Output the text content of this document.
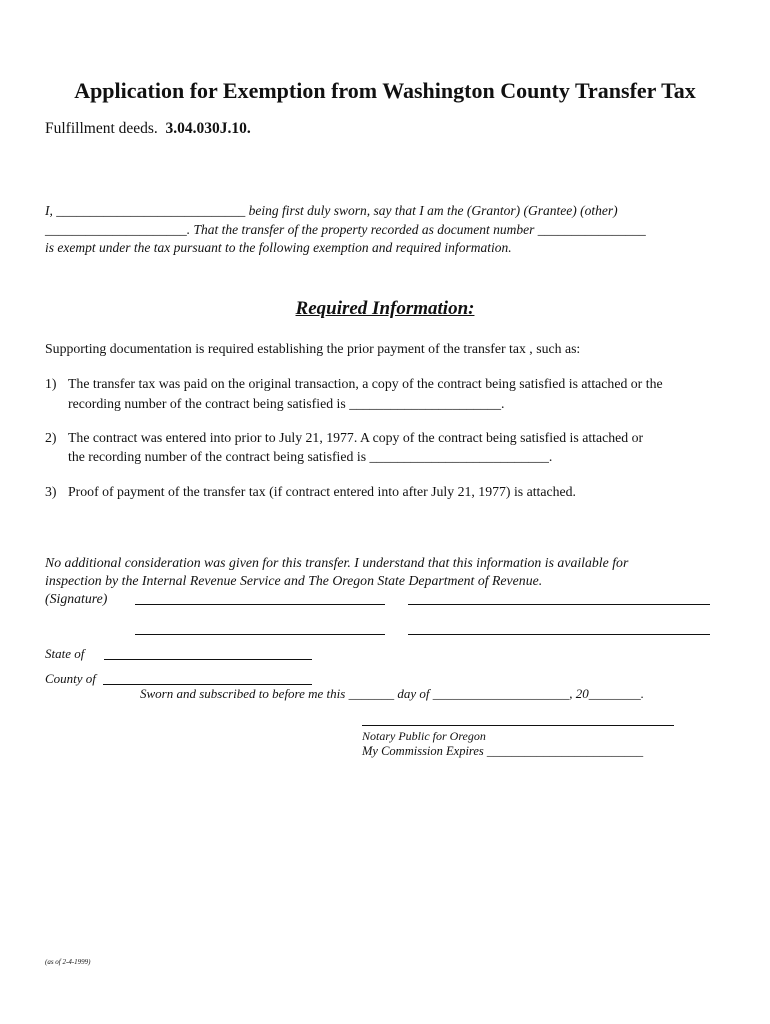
Application for Exemption from Washington County Transfer Tax
Fulfillment deeds. 3.04.030J.10.
I, ____________________________ being first duly sworn, say that I am the (Grantor) (Grantee) (other)
_____________________. That the transfer of the property recorded as document number ________________
is exempt under the tax pursuant to the following exemption and required information.
Required Information:
Supporting documentation is required establishing the prior payment of the transfer tax , such as:
1) The transfer tax was paid on the original transaction, a copy of the contract being satisfied is attached or the
recording number of the contract being satisfied is ______________________.
2) The contract was entered into prior to July 21, 1977. A copy of the contract being satisfied is attached or
the recording number of the contract being satisfied is __________________________.
3) Proof of payment of the transfer tax (if contract entered into after July 21, 1977) is attached.
No additional consideration was given for this transfer. I understand that this information is available for
inspection by the Internal Revenue Service and The Oregon State Department of Revenue.
(Signature)
State of
County of
Sworn and subscribed to before me this _______ day of _____________________, 20________.
Notary Public for Oregon
My Commission Expires _________________________
(as of 2-4-1999)
